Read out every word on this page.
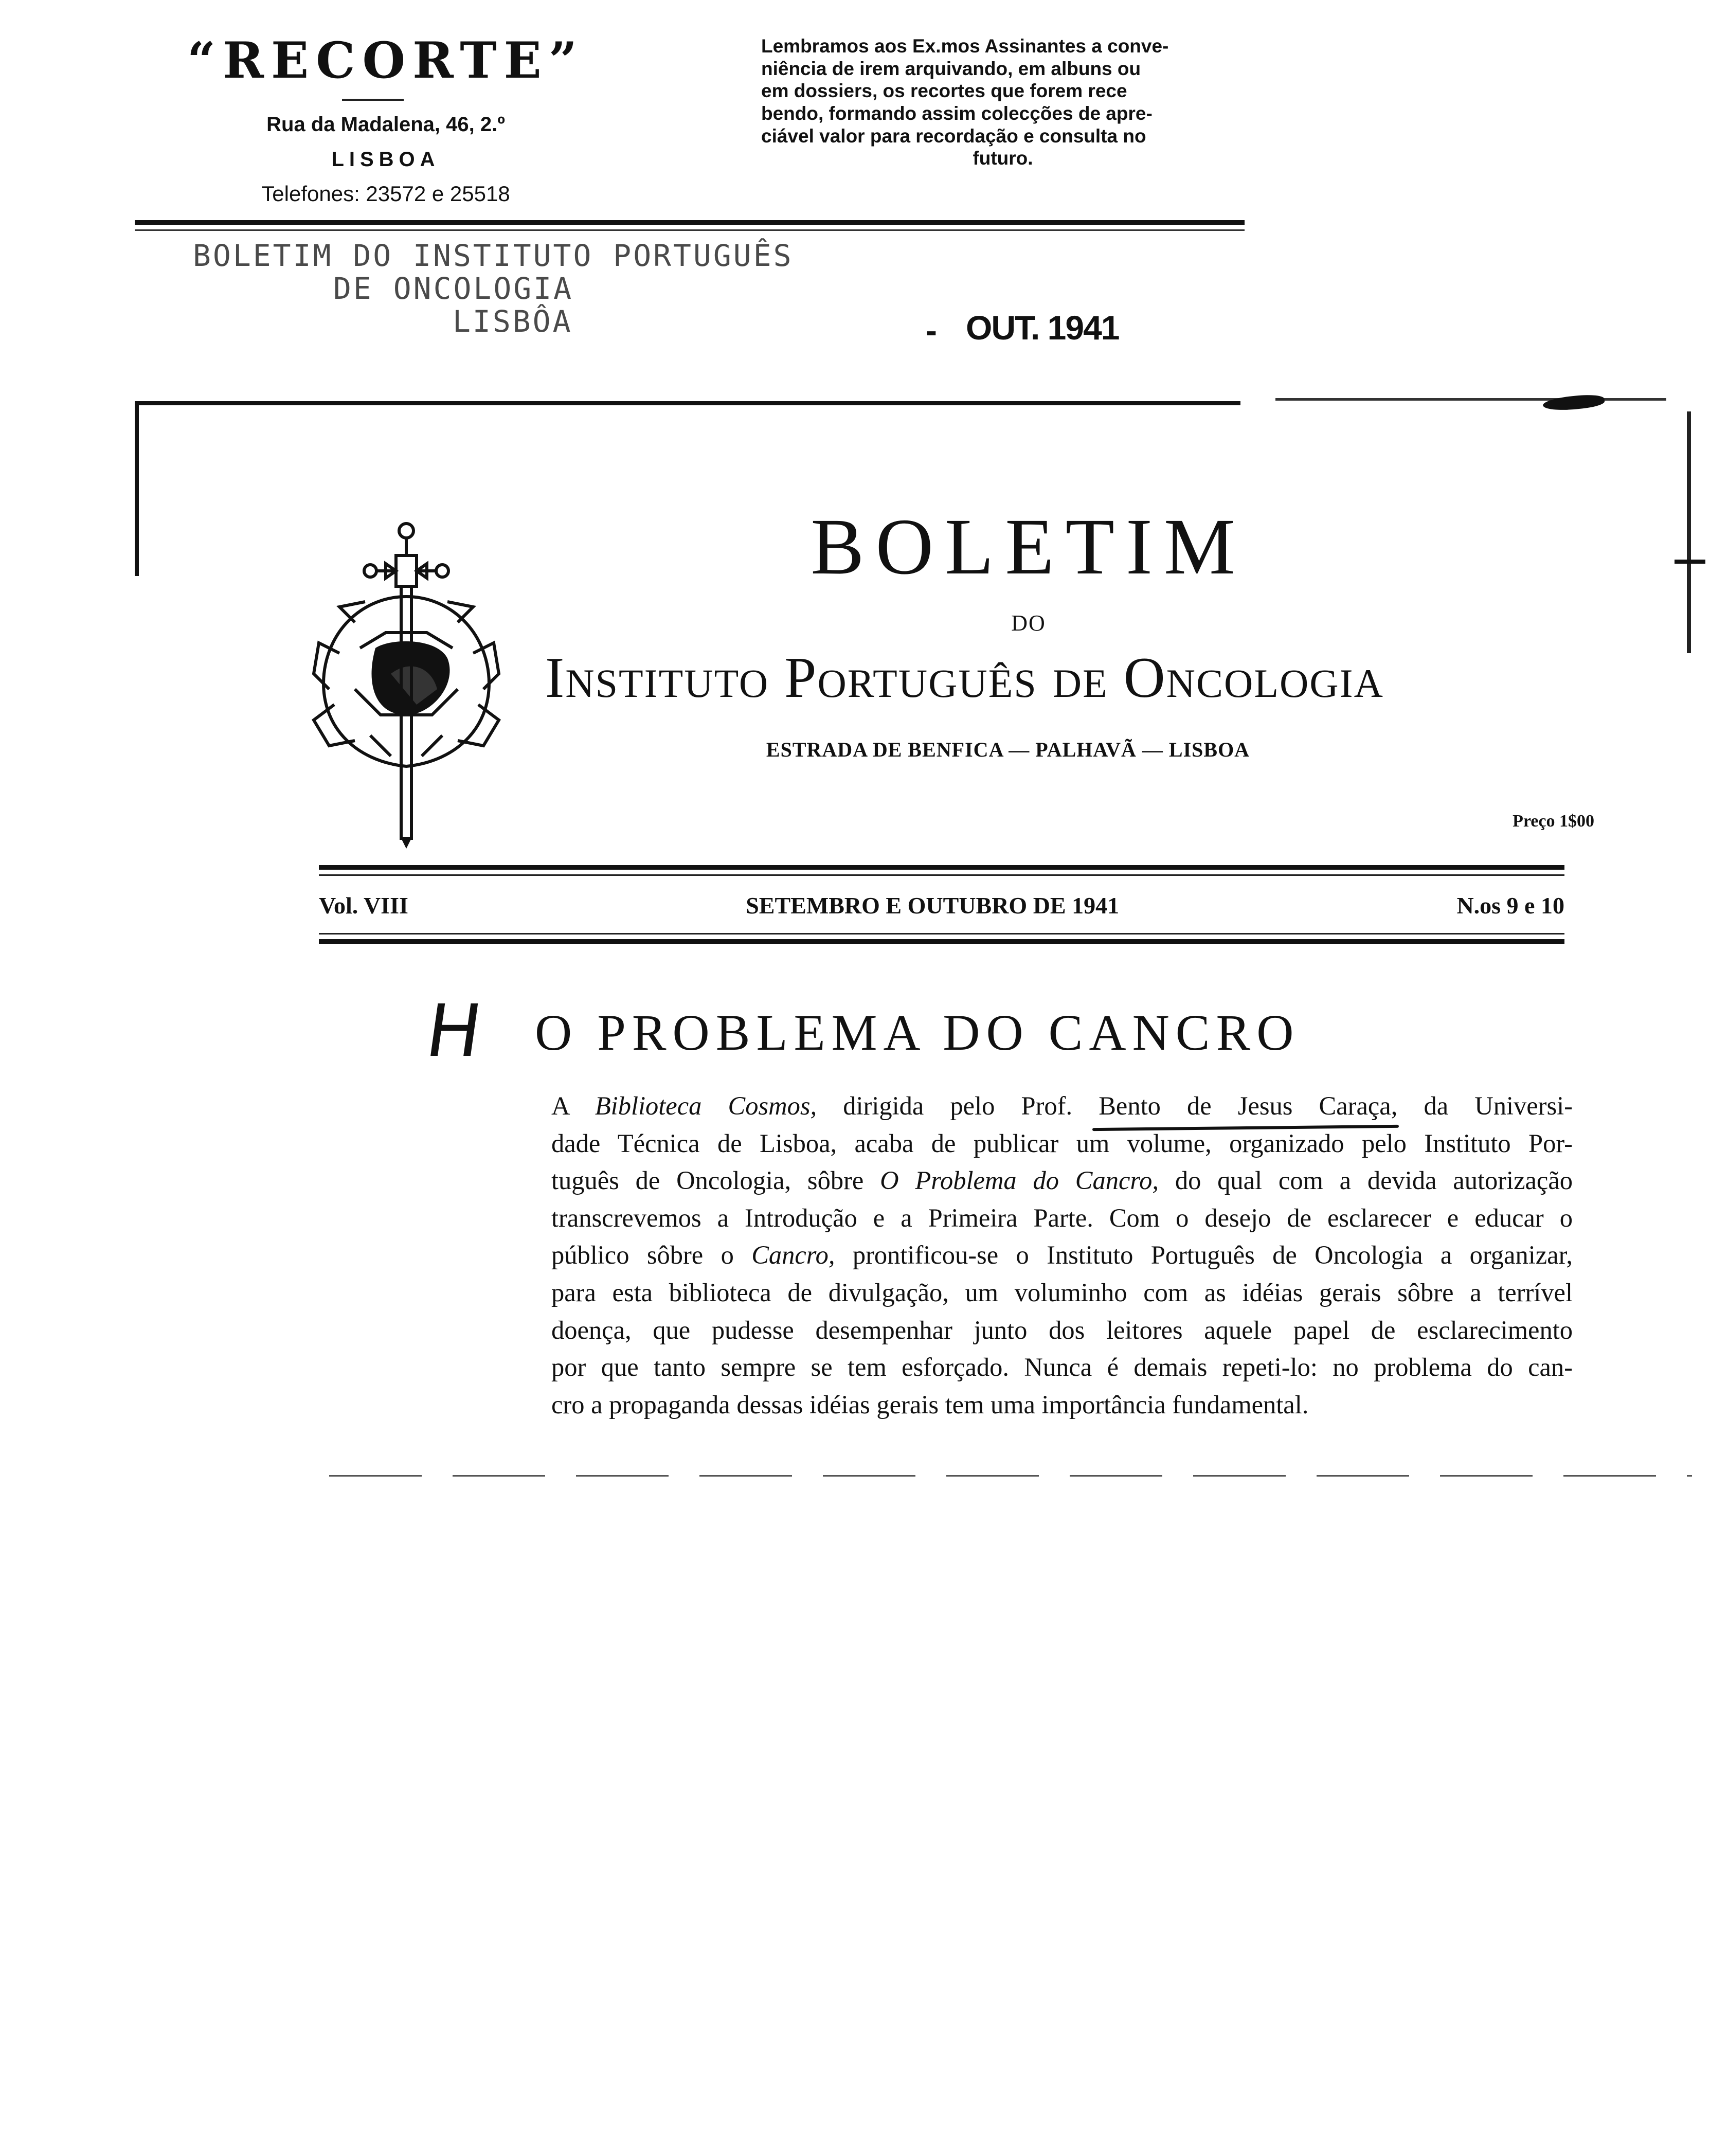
“RECORTE”
Rua da Madalena, 46, 2.º
LISBOA
Telefones: 23572 e 25518
Lembramos aos Ex.mos Assinantes a conve-
niência de irem arquivando, em albuns ou
em dossiers, os recortes que forem rece
bendo, formando assim colecções de apre-
ciável valor para recordação e consulta no
futuro.
BOLETIM DO INSTITUTO PORTUGUÊS
DE ONCOLOGIA
LISBÔA	- OUT. 1941
BOLETIM
DO
Instituto Português de Oncologia
ESTRADA DE BENFICA — PALHAVÃ — LISBOA
Preço 1$00
Vol. VIII	SETEMBRO E OUTUBRO DE 1941	N.os 9 e 10
H O PROBLEMA DO CANCRO
A Biblioteca Cosmos, dirigida pelo Prof. Bento de Jesus Caraça, da Universi-
dade Técnica de Lisboa, acaba de publicar um volume, organizado pelo Instituto Por-
tuguês de Oncologia, sôbre O Problema do Cancro, do qual com a devida autorização
transcrevemos a Introdução e a Primeira Parte. Com o desejo de esclarecer e educar o
público sôbre o Cancro, prontificou-se o Instituto Português de Oncologia a organizar,
para esta biblioteca de divulgação, um voluminho com as idéias gerais sôbre a terrível
doença, que pudesse desempenhar junto dos leitores aquele papel de esclarecimento
por que tanto sempre se tem esforçado. Nunca é demais repeti-lo: no problema do can-
cro a propaganda dessas idéias gerais tem uma importância fundamental.
